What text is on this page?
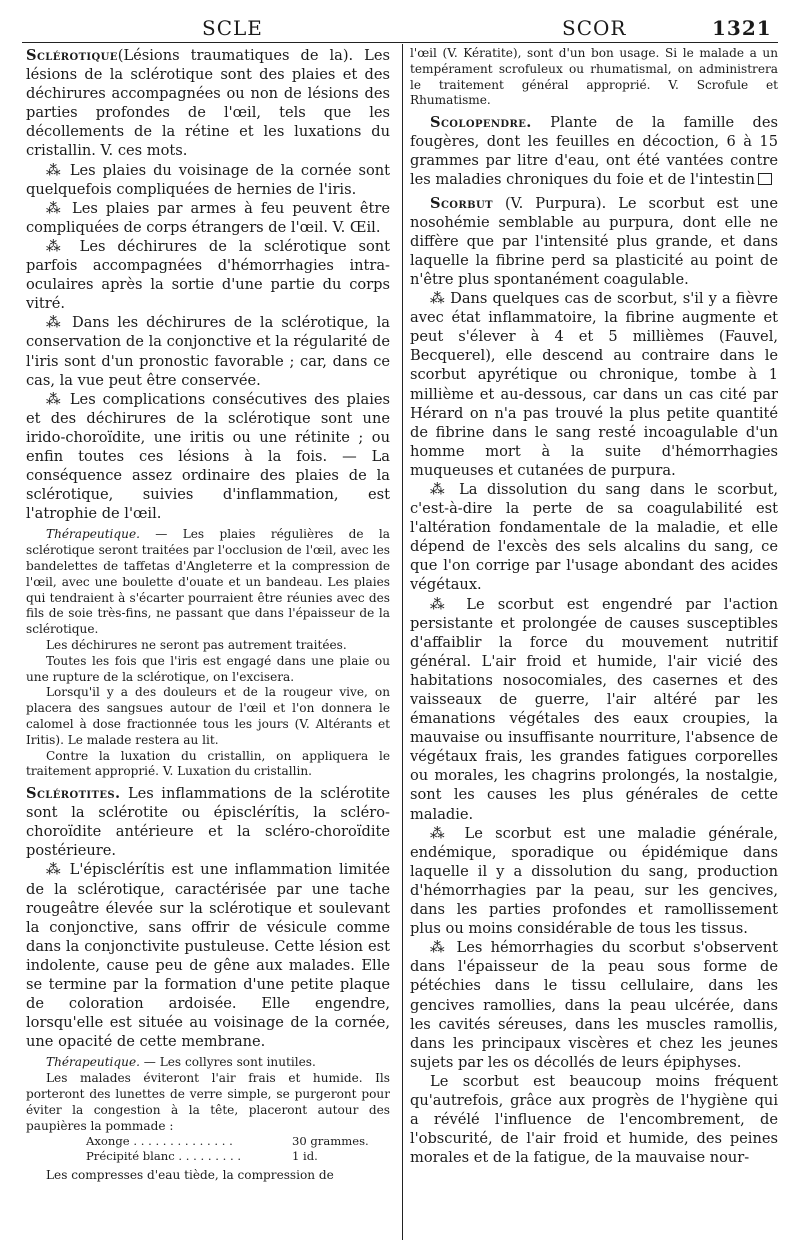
SCLE	SCOR	1321

Sclérotique(Lésions traumatiques de la). Les lésions de la sclérotique sont des plaies et des déchirures accompagnées ou non de lésions des parties profondes de l'œil, tels que les décollements de la rétine et les luxations du cristallin. V. ces mots.

⁂ Les plaies du voisinage de la cornée sont quelquefois compliquées de hernies de l'iris.

⁂ Les plaies par armes à feu peuvent être compliquées de corps étrangers de l'œil. V. Œil.

⁂ Les déchirures de la sclérotique sont parfois accompagnées d'hémorrhagies intra-oculaires après la sortie d'une partie du corps vitré.

⁂ Dans les déchirures de la sclérotique, la conservation de la conjonctive et la régularité de l'iris sont d'un pronostic favorable ; car, dans ce cas, la vue peut être conservée.

⁂ Les complications consécutives des plaies et des déchirures de la sclérotique sont une irido-choroïdite, une iritis ou une rétinite ; ou enfin toutes ces lésions à la fois. — La conséquence assez ordinaire des plaies de la sclérotique, suivies d'inflammation, est l'atrophie de l'œil.

Thérapeutique. — Les plaies régulières de la sclérotique seront traitées par l'occlusion de l'œil, avec les bandelettes de taffetas d'Angleterre et la compression de l'œil, avec une boulette d'ouate et un bandeau. Les plaies qui tendraient à s'écarter pourraient être réunies avec des fils de soie très-fins, ne passant que dans l'épaisseur de la sclérotique.

Les déchirures ne seront pas autrement traitées.

Toutes les fois que l'iris est engagé dans une plaie ou une rupture de la sclérotique, on l'excisera.

Lorsqu'il y a des douleurs et de la rougeur vive, on placera des sangsues autour de l'œil et l'on donnera le calomel à dose fractionnée tous les jours (V. Altérants et Iritis). Le malade restera au lit.

Contre la luxation du cristallin, on appliquera le traitement approprié. V. Luxation du cristallin.

Sclérotites. Les inflammations de la sclérotite sont la sclérotite ou épisclérítis, la scléro-choroïdite antérieure et la scléro-choroïdite postérieure.

⁂ L'épisclérítis est une inflammation limitée de la sclérotique, caractérisée par une tache rougeâtre élevée sur la sclérotique et soulevant la conjonctive, sans offrir de vésicule comme dans la conjonctivite pustuleuse. Cette lésion est indolente, cause peu de gêne aux malades. Elle se termine par la formation d'une petite plaque de coloration ardoisée. Elle engendre, lorsqu'elle est située au voisinage de la cornée, une opacité de cette membrane.

Thérapeutique. — Les collyres sont inutiles.

Les malades éviteront l'air frais et humide. Ils porteront des lunettes de verre simple, se purgeront pour éviter la congestion à la tête, placeront autour des paupières la pommade :

Axonge . . . . . . . . . . . . . .	30 grammes.
Précipité blanc . . . . . . . . .	1 id.

Les compresses d'eau tiède, la compression de

l'œil (V. Kératite), sont d'un bon usage. Si le malade a un tempérament scrofuleux ou rhumatismal, on administrera le traitement général approprié. V. Scrofule et Rhumatisme.

Scolopendre. Plante de la famille des fougères, dont les feuilles en décoction, 6 à 15 grammes par litre d'eau, ont été vantées contre les maladies chroniques du foie et de l'intestin

Scorbut (V. Purpura). Le scorbut est une nosohémie semblable au purpura, dont elle ne diffère que par l'intensité plus grande, et dans laquelle la fibrine perd sa plasticité au point de n'être plus spontanément coagulable.

⁂ Dans quelques cas de scorbut, s'il y a fièvre avec état inflammatoire, la fibrine augmente et peut s'élever à 4 et 5 millièmes (Fauvel, Becquerel), elle descend au contraire dans le scorbut apyrétique ou chronique, tombe à 1 millième et au-dessous, car dans un cas cité par Hérard on n'a pas trouvé la plus petite quantité de fibrine dans le sang resté incoagulable d'un homme mort à la suite d'hémorrhagies muqueuses et cutanées de purpura.

⁂ La dissolution du sang dans le scorbut, c'est-à-dire la perte de sa coagulabilité est l'altération fondamentale de la maladie, et elle dépend de l'excès des sels alcalins du sang, ce que l'on corrige par l'usage abondant des acides végétaux.

⁂ Le scorbut est engendré par l'action persistante et prolongée de causes susceptibles d'affaiblir la force du mouvement nutritif général. L'air froid et humide, l'air vicié des habitations nosocomiales, des casernes et des vaisseaux de guerre, l'air altéré par les émanations végétales des eaux croupies, la mauvaise ou insuffisante nourriture, l'absence de végétaux frais, les grandes fatigues corporelles ou morales, les chagrins prolongés, la nostalgie, sont les causes les plus générales de cette maladie.

⁂ Le scorbut est une maladie générale, endémique, sporadique ou épidémique dans laquelle il y a dissolution du sang, production d'hémorrhagies par la peau, sur les gencives, dans les parties profondes et ramollissement plus ou moins considérable de tous les tissus.

⁂ Les hémorrhagies du scorbut s'observent dans l'épaisseur de la peau sous forme de pétéchies dans le tissu cellulaire, dans les gencives ramollies, dans la peau ulcérée, dans les cavités séreuses, dans les muscles ramollis, dans les principaux viscères et chez les jeunes sujets par les os décollés de leurs épiphyses.

Le scorbut est beaucoup moins fréquent qu'autrefois, grâce aux progrès de l'hygiène qui a révélé l'influence de l'encombrement, de l'obscurité, de l'air froid et humide, des peines morales et de la fatigue, de la mauvaise nour-
